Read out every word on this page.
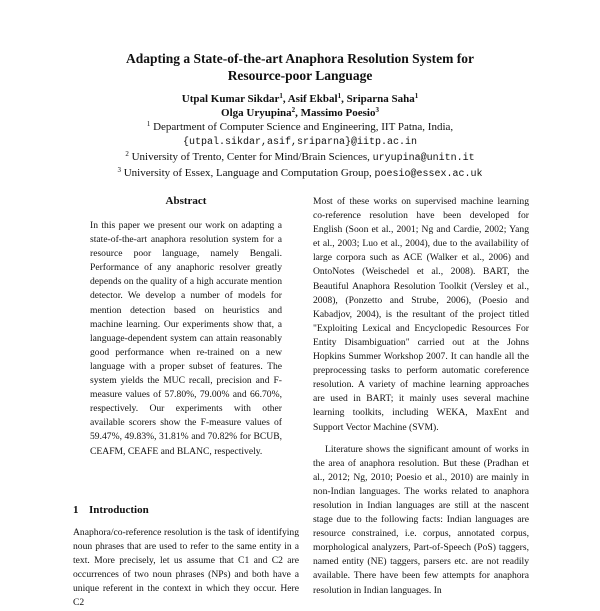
Adapting a State-of-the-art Anaphora Resolution System for
Resource-poor Language
Utpal Kumar Sikdar$^1$, Asif Ekbal$^1$, Sriparna Saha$^1$
Olga Uryupina$^2$, Massimo Poesio$^3$
$^1$ Department of Computer Science and Engineering, IIT Patna, India,
{utpal.sikdar,asif,sriparna}@iitp.ac.in
$^2$ University of Trento, Center for Mind/Brain Sciences, uryupina@unitn.it
$^3$ University of Essex, Language and Computation Group, poesio@essex.ac.uk
Abstract

In this paper we present our work on adapting a state-of-the-art anaphora resolution system for a resource poor language, namely Bengali. Performance of any anaphoric resolver greatly depends on the quality of a high accurate mention detector. We develop a number of models for mention detection based on heuristics and machine learning. Our experiments show that, a language-dependent system can attain reasonably good performance when re-trained on a new language with a proper subset of features. The system yields the MUC recall, precision and F-measure values of 57.80%, 79.00% and 66.70%, respectively. Our experiments with other available scorers show the F-measure values of 59.47%, 49.83%, 31.81% and 70.82% for BCUB, CEAFM, CEAFE and BLANC, respectively.

1 Introduction

Anaphora/co-reference resolution is the task of identifying noun phrases that are used to refer to the same entity in a text. More precisely, let us assume that C1 and C2 are occurrences of two noun phrases (NPs) and both have a unique referent in the context in which they occur. Here C2

Most of these works on supervised machine learning co-reference resolution have been developed for English (Soon et al., 2001; Ng and Cardie, 2002; Yang et al., 2003; Luo et al., 2004), due to the availability of large corpora such as ACE (Walker et al., 2006) and OntoNotes (Weischedel et al., 2008). BART, the Beautiful Anaphora Resolution Toolkit (Versley et al., 2008), (Ponzetto and Strube, 2006), (Poesio and Kabadjov, 2004), is the resultant of the project titled "Exploiting Lexical and Encyclopedic Resources For Entity Disambiguation" carried out at the Johns Hopkins Summer Workshop 2007. It can handle all the preprocessing tasks to perform automatic coreference resolution. A variety of machine learning approaches are used in BART; it mainly uses several machine learning toolkits, including WEKA, MaxEnt and Support Vector Machine (SVM).

Literature shows the significant amount of works in the area of anaphora resolution. But these (Pradhan et al., 2012; Ng, 2010; Poesio et al., 2010) are mainly in non-Indian languages. The works related to anaphora resolution in Indian languages are still at the nascent stage due to the following facts: Indian languages are resource constrained, i.e. corpus, annotated corpus, morphological analyzers, Part-of-Speech (PoS) taggers, named entity (NE) taggers, parsers etc. are not readily available. There have been few attempts for anaphora resolution in Indian languages. In
